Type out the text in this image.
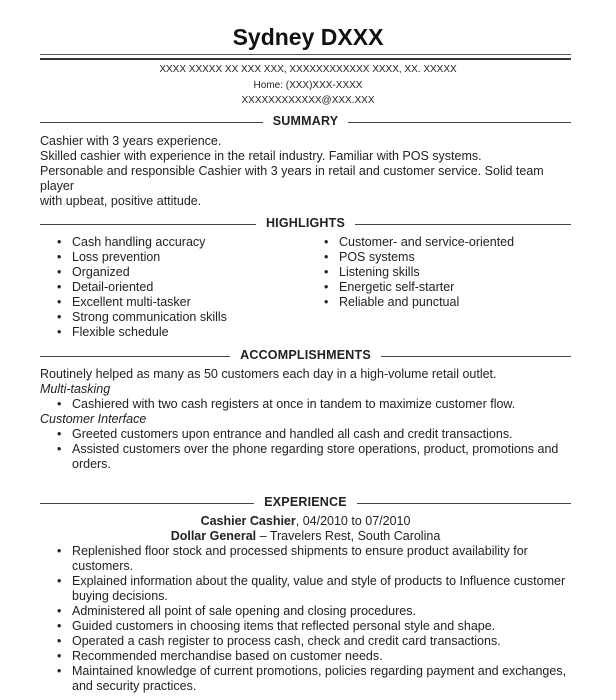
Sydney DXXX
XXXX XXXXX XX XXX XXX, XXXXXXXXXXXX XXXX, XX. XXXXX
Home: (XXX)XXX-XXXX
XXXXXXXXXXXX@XXX.XXX
SUMMARY
Cashier with 3 years experience.
Skilled cashier with experience in the retail industry. Familiar with POS systems.
Personable and responsible Cashier with 3 years in retail and customer service. Solid team player
with upbeat, positive attitude.
HIGHLIGHTS
• Cash handling accuracy
• Loss prevention
• Organized
• Detail-oriented
• Excellent multi-tasker
• Strong communication skills
• Flexible schedule
• Customer- and service-oriented
• POS systems
• Listening skills
• Energetic self-starter
• Reliable and punctual
ACCOMPLISHMENTS
Routinely helped as many as 50 customers each day in a high-volume retail outlet.
Multi-tasking
• Cashiered with two cash registers at once in tandem to maximize customer flow.
Customer Interface
• Greeted customers upon entrance and handled all cash and credit transactions.
• Assisted customers over the phone regarding store operations, product, promotions and
orders.
EXPERIENCE
Cashier Cashier, 04/2010 to 07/2010
Dollar General – Travelers Rest, South Carolina
• Replenished floor stock and processed shipments to ensure product availability for
customers.
• Explained information about the quality, value and style of products to Influence customer
buying decisions.
• Administered all point of sale opening and closing procedures.
• Guided customers in choosing items that reflected personal style and shape.
• Operated a cash register to process cash, check and credit card transactions.
• Recommended merchandise based on customer needs.
• Maintained knowledge of current promotions, policies regarding payment and exchanges,
and security practices.
